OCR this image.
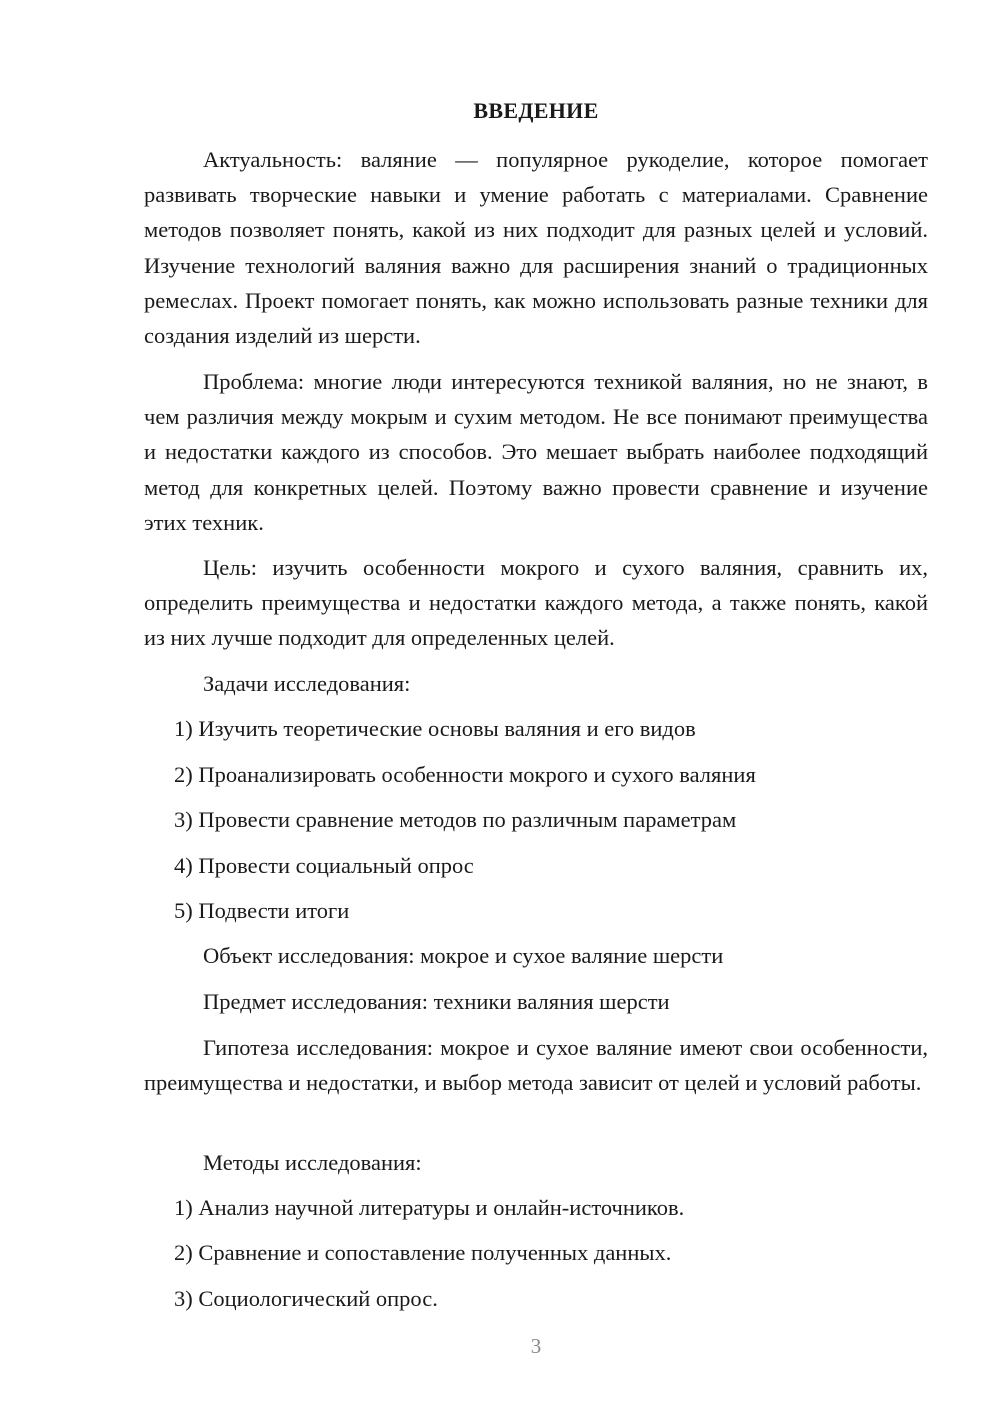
ВВЕДЕНИЕ

Актуальность: валяние — популярное рукоделие, которое помогает развивать творческие навыки и умение работать с материалами. Сравнение методов позволяет понять, какой из них подходит для разных целей и условий. Изучение технологий валяния важно для расширения знаний о традиционных ремеслах. Проект помогает понять, как можно использовать разные техники для создания изделий из шерсти.

Проблема: многие люди интересуются техникой валяния, но не знают, в чем различия между мокрым и сухим методом. Не все понимают преимущества и недостатки каждого из способов. Это мешает выбрать наиболее подходящий метод для конкретных целей. Поэтому важно провести сравнение и изучение этих техник.

Цель: изучить особенности мокрого и сухого валяния, сравнить их, определить преимущества и недостатки каждого метода, а также понять, какой из них лучше подходит для определенных целей.

Задачи исследования:

1) Изучить теоретические основы валяния и его видов

2) Проанализировать особенности мокрого и сухого валяния

3) Провести сравнение методов по различным параметрам

4) Провести социальный опрос

5) Подвести итоги

Объект исследования: мокрое и сухое валяние шерсти

Предмет исследования: техники валяния шерсти

Гипотеза исследования: мокрое и сухое валяние имеют свои особенности, преимущества и недостатки, и выбор метода зависит от целей и условий работы.

Методы исследования:

1) Анализ научной литературы и онлайн-источников.

2) Сравнение и сопоставление полученных данных.

3) Социологический опрос.

3
